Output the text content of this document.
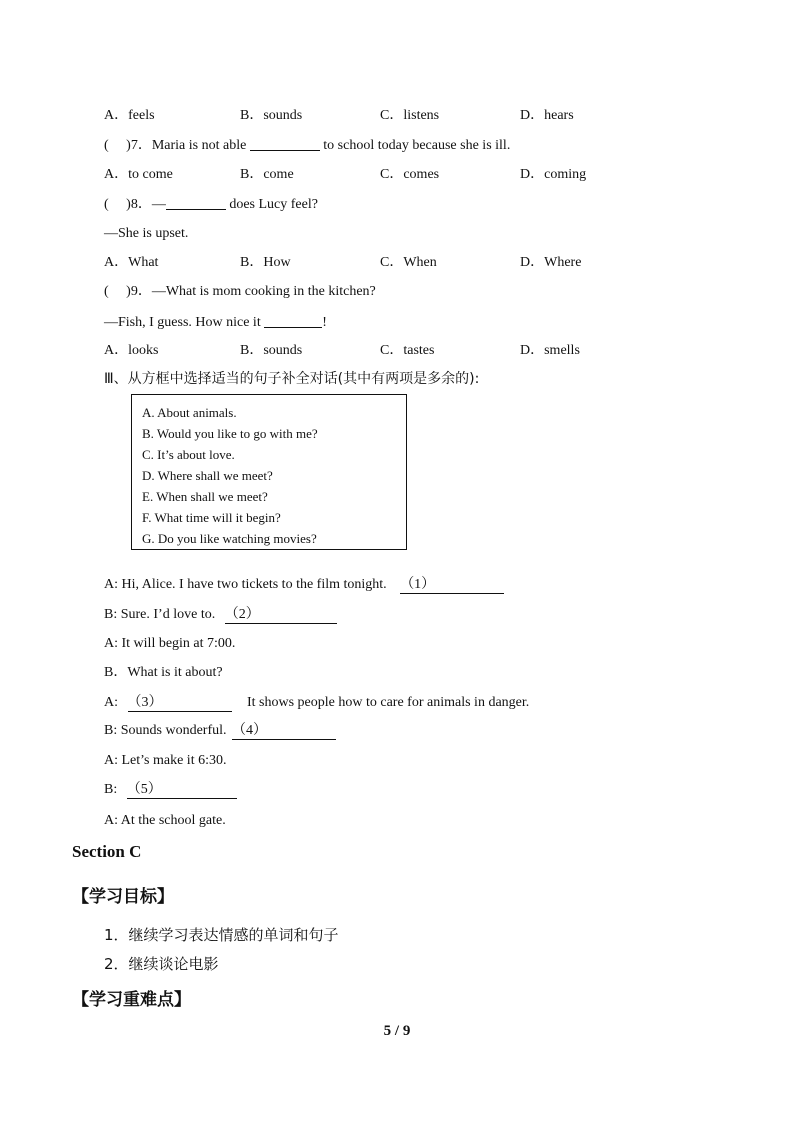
A．feels	B．sounds	C．listens	D．hears
(　 )7．Maria is not able	to school today because she is ill.
A．to come	B．come	C．comes	D．coming
(　 )8．—	does Lucy feel?
—She is upset.
A．What	B．How	C．When	D．Where
(　 )9．—What is mom cooking in the kitchen?
—Fish, I guess. How nice it	!
A．looks	B．sounds	C．tastes	D．smells
Ⅲ、从方框中选择适当的句子补全对话(其中有两项是多余的):
A. About animals.
B. Would you like to go with me?
C. It’s about love.
D. Where shall we meet?
E. When shall we meet?
F. What time will it begin?
G. Do you like watching movies?
A: Hi, Alice. I have two tickets to the film tonight. （1）
B: Sure. I’d love to. （2）
A: It will begin at 7:00.
B．What is it about?
A: （3）	It shows people how to care for animals in danger.
B: Sounds wonderful. （4）
A: Let’s make it 6:30.
B: （5）
A: At the school gate.
Section C
【学习目标】
1．继续学习表达情感的单词和句子
2．继续谈论电影
【学习重难点】
5 / 9
